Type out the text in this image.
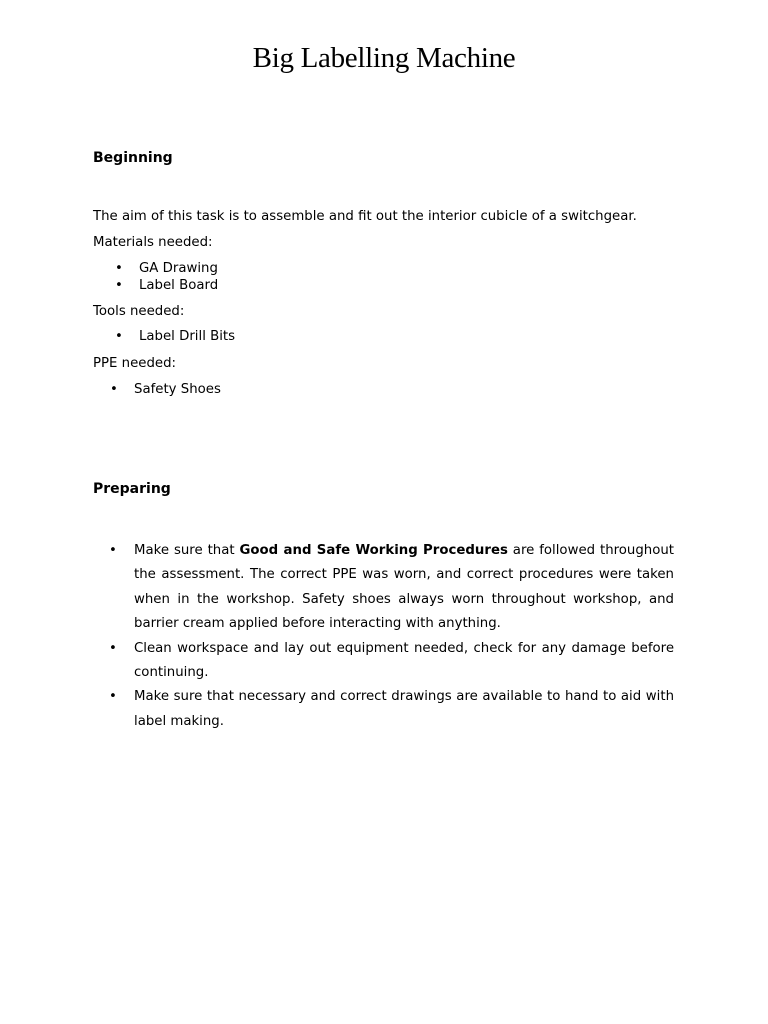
Big Labelling Machine
Beginning
The aim of this task is to assemble and fit out the interior cubicle of a switchgear.
Materials needed:
• GA Drawing
• Label Board
Tools needed:
• Label Drill Bits
PPE needed:
• Safety Shoes
Preparing
• Make sure that Good and Safe Working Procedures are followed throughout the assessment. The correct PPE was worn, and correct procedures were taken when in the workshop. Safety shoes always worn throughout workshop, and barrier cream applied before interacting with anything.
• Clean workspace and lay out equipment needed, check for any damage before continuing.
• Make sure that necessary and correct drawings are available to hand to aid with label making.
